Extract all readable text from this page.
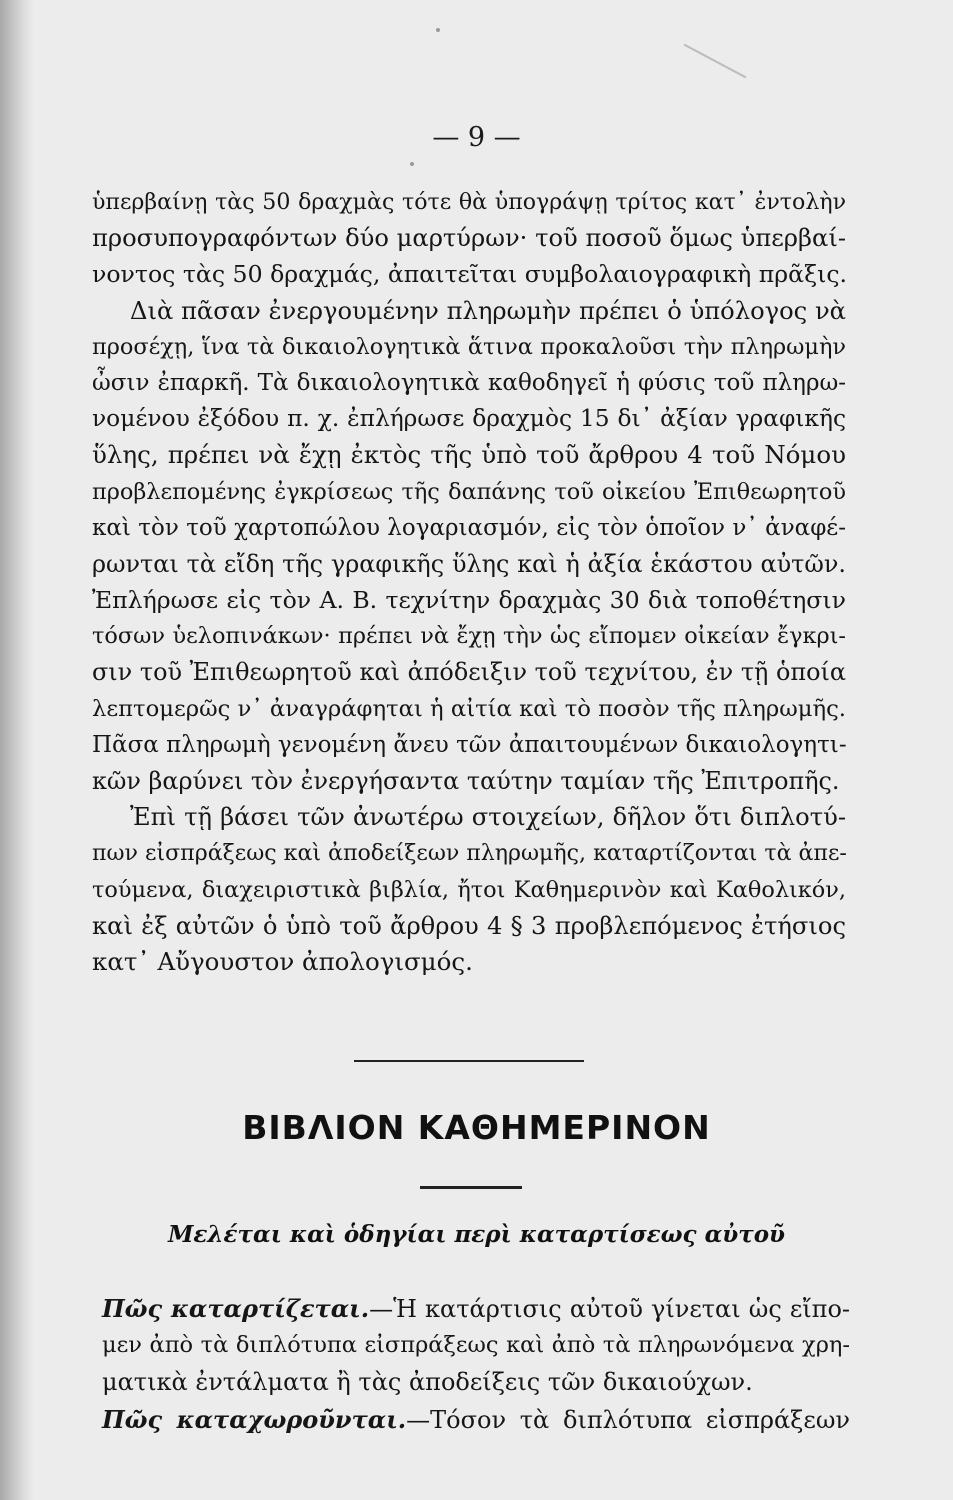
— 9 —
ὑπερβαίνῃ τὰς 50 δραχμὰς τότε θὰ ὑπογράψῃ τρίτος κατ᾽ ἐντολὴν
προσυπογραφόντων δύο μαρτύρων· τοῦ ποσοῦ ὅμως ὑπερβαί-
νοντος τὰς 50 δραχμάς, ἀπαιτεῖται συμβολαιογραφικὴ πρᾶξις.
Διὰ πᾶσαν ἐνεργουμένην πληρωμὴν πρέπει ὁ ὑπόλογος νὰ
προσέχῃ, ἵνα τὰ δικαιολογητικὰ ἅτινα προκαλοῦσι τὴν πληρωμὴν
ὦσιν ἐπαρκῆ. Τὰ δικαιολογητικὰ καθοδηγεῖ ἡ φύσις τοῦ πληρω-
νομένου ἐξόδου π. χ. ἐπλήρωσε δραχμὸς 15 δι᾽ ἀξίαν γραφικῆς
ὕλης, πρέπει νὰ ἔχῃ ἐκτὸς τῆς ὑπὸ τοῦ ἄρθρου 4 τοῦ Νόμου
προβλεπομένης ἐγκρίσεως τῆς δαπάνης τοῦ οἰκείου Ἐπιθεωρητοῦ
καὶ τὸν τοῦ χαρτοπώλου λογαριασμόν, εἰς τὸν ὁποῖον ν᾽ ἀναφέ-
ρωνται τὰ εἴδη τῆς γραφικῆς ὕλης καὶ ἡ ἀξία ἑκάστου αὐτῶν.
Ἐπλήρωσε εἰς τὸν Α. Β. τεχνίτην δραχμὰς 30 διὰ τοποθέτησιν
τόσων ὑελοπινάκων· πρέπει νὰ ἔχῃ τὴν ὡς εἴπομεν οἰκείαν ἔγκρι-
σιν τοῦ Ἐπιθεωρητοῦ καὶ ἀπόδειξιν τοῦ τεχνίτου, ἐν τῇ ὁποία
λεπτομερῶς ν᾽ ἀναγράφηται ἡ αἰτία καὶ τὸ ποσὸν τῆς πληρωμῆς.
Πᾶσα πληρωμὴ γενομένη ἄνευ τῶν ἀπαιτουμένων δικαιολογητι-
κῶν βαρύνει τὸν ἐνεργήσαντα ταύτην ταμίαν τῆς Ἐπιτροπῆς.
Ἐπὶ τῇ βάσει τῶν ἀνωτέρω στοιχείων, δῆλον ὅτι διπλοτύ-
πων εἰσπράξεως καὶ ἀποδείξεων πληρωμῆς, καταρτίζονται τὰ ἀπε-
τούμενα, διαχειριστικὰ βιβλία, ἤτοι Καθημερινὸν καὶ Καθολικόν,
καὶ ἐξ αὐτῶν ὁ ὑπὸ τοῦ ἄρθρου 4 § 3 προβλεπόμενος ἐτήσιος
κατ᾽ Αὔγουστον ἀπολογισμός.
ΒΙΒΛΙΟΝ ΚΑΘΗΜΕΡΙΝΟΝ
Μελέται καὶ ὁδηγίαι περὶ καταρτίσεως αὐτοῦ
Πῶς καταρτίζεται.—Ἡ κατάρτισις αὐτοῦ γίνεται ὡς εἴπο-
μεν ἀπὸ τὰ διπλότυπα εἰσπράξεως καὶ ἀπὸ τὰ πληρωνόμενα χρη-
ματικὰ ἐντάλματα ἢ τὰς ἀποδείξεις τῶν δικαιούχων.
Πῶς καταχωροῦνται.—Τόσον τὰ διπλότυπα εἰσπράξεων
